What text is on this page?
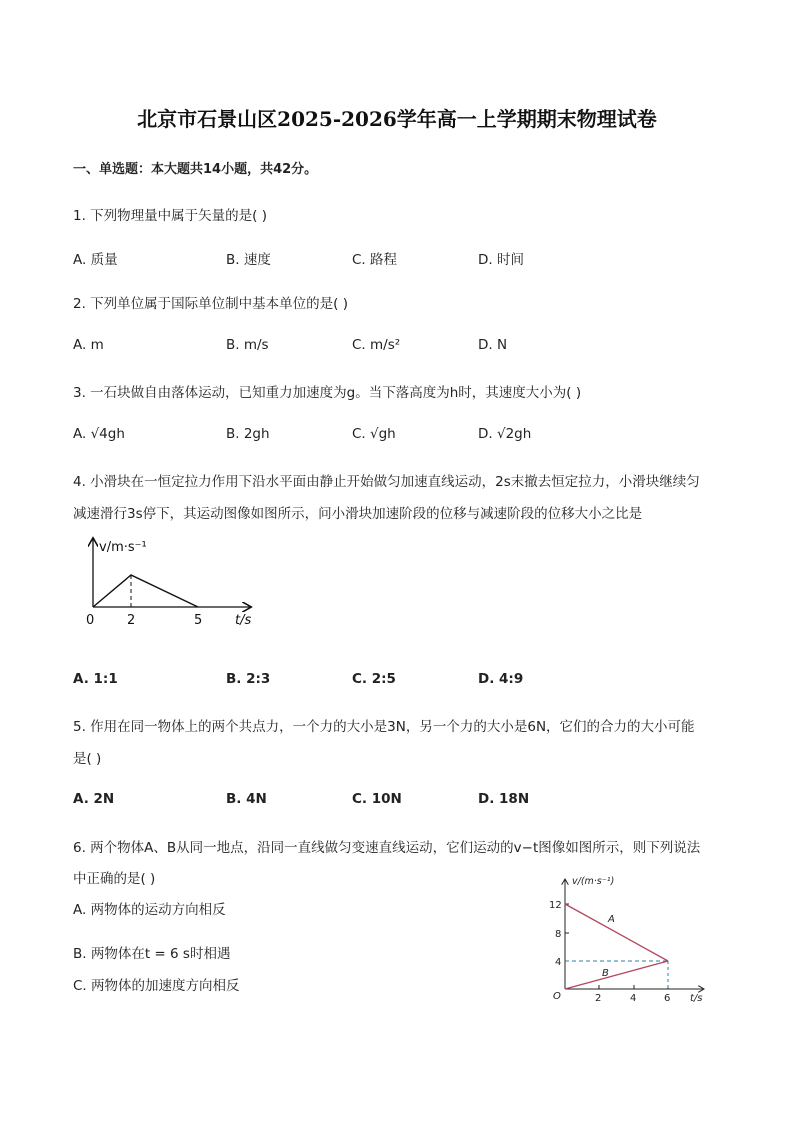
北京市石景山区2025-2026学年高一上学期期末物理试卷
一、单选题：本大题共14小题，共42分。
1. 下列物理量中属于矢量的是( )
A. 质量	B. 速度	C. 路程	D. 时间
2. 下列单位属于国际单位制中基本单位的是( )
A. m	B. m/s	C. m/s²	D. N
3. 一石块做自由落体运动，已知重力加速度为g。当下落高度为h时，其速度大小为( )
A. √4gh	B. 2gh	C. √gh	D. √2gh
4. 小滑块在一恒定拉力作用下沿水平面由静止开始做匀加速直线运动，2s末撤去恒定拉力，小滑块继续匀
减速滑行3s停下，其运动图像如图所示，问小滑块加速阶段的位移与减速阶段的位移大小之比是
v/m·s⁻¹
0	2	5	t/s
A. 1:1	B. 2:3	C. 2:5	D. 4:9
5. 作用在同一物体上的两个共点力，一个力的大小是3N，另一个力的大小是6N，它们的合力的大小可能
是( )
A. 2N	B. 4N	C. 10N	D. 18N
6. 两个物体A、B从同一地点，沿同一直线做匀变速直线运动，它们运动的v−t图像如图所示，则下列说法
中正确的是( )
A. 两物体的运动方向相反
B. 两物体在t = 6 s时相遇
C. 两物体的加速度方向相反
v/(m·s⁻¹)
12
8
4
O	2	4	6 t/s
A
B
